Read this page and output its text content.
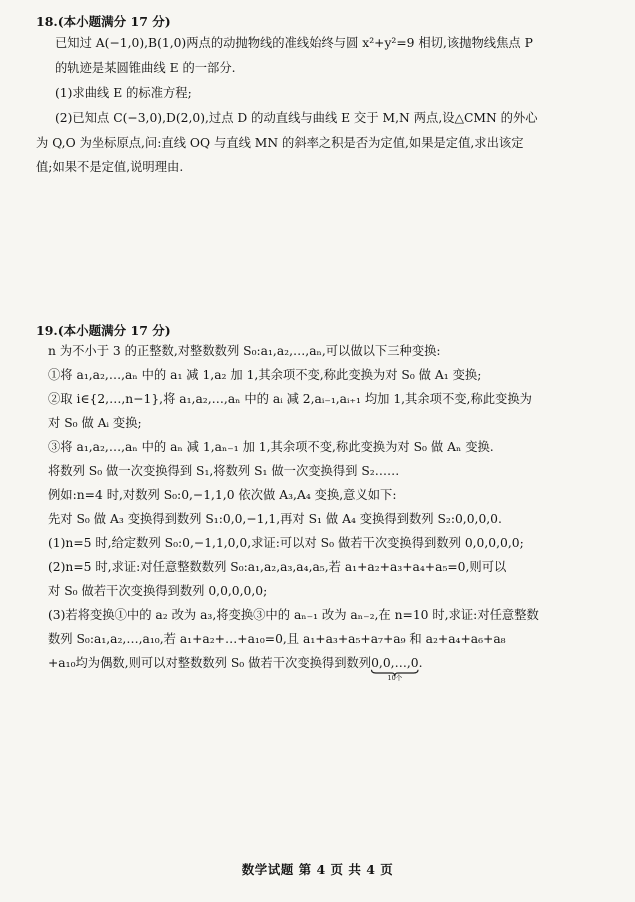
18.(本小题满分 17 分)
已知过 A(−1,0),B(1,0)两点的动抛物线的准线始终与圆 x²+y²=9 相切,该抛物线焦点 P
的轨迹是某圆锥曲线 E 的一部分.
(1)求曲线 E 的标准方程;
(2)已知点 C(−3,0),D(2,0),过点 D 的动直线与曲线 E 交于 M,N 两点,设△CMN 的外心
为 Q,O 为坐标原点,问:直线 OQ 与直线 MN 的斜率之积是否为定值,如果是定值,求出该定
值;如果不是定值,说明理由.
19.(本小题满分 17 分)
n 为不小于 3 的正整数,对整数数列 S₀:a₁,a₂,…,aₙ,可以做以下三种变换:
①将 a₁,a₂,…,aₙ 中的 a₁ 减 1,a₂ 加 1,其余项不变,称此变换为对 S₀ 做 A₁ 变换;
②取 i∈{2,…,n−1},将 a₁,a₂,…,aₙ 中的 aᵢ 减 2,aᵢ₋₁,aᵢ₊₁ 均加 1,其余项不变,称此变换为
对 S₀ 做 Aᵢ 变换;
③将 a₁,a₂,…,aₙ 中的 aₙ 减 1,aₙ₋₁ 加 1,其余项不变,称此变换为对 S₀ 做 Aₙ 变换.
将数列 S₀ 做一次变换得到 S₁,将数列 S₁ 做一次变换得到 S₂……
例如:n=4 时,对数列 S₀:0,−1,1,0 依次做 A₃,A₄ 变换,意义如下:
先对 S₀ 做 A₃ 变换得到数列 S₁:0,0,−1,1,再对 S₁ 做 A₄ 变换得到数列 S₂:0,0,0,0.
(1)n=5 时,给定数列 S₀:0,−1,1,0,0,求证:可以对 S₀ 做若干次变换得到数列 0,0,0,0,0;
(2)n=5 时,求证:对任意整数数列 S₀:a₁,a₂,a₃,a₄,a₅,若 a₁+a₂+a₃+a₄+a₅=0,则可以
对 S₀ 做若干次变换得到数列 0,0,0,0,0;
(3)若将变换①中的 a₂ 改为 a₃,将变换③中的 aₙ₋₁ 改为 aₙ₋₂,在 n=10 时,求证:对任意整数
数列 S₀:a₁,a₂,…,a₁₀,若 a₁+a₂+…+a₁₀=0,且 a₁+a₃+a₅+a₇+a₉ 和 a₂+a₄+a₆+a₈
+a₁₀均为偶数,则可以对整数数列 S₀ 做若干次变换得到数列0,0,…,0
10个
.
数学试题 第 4 页 共 4 页
